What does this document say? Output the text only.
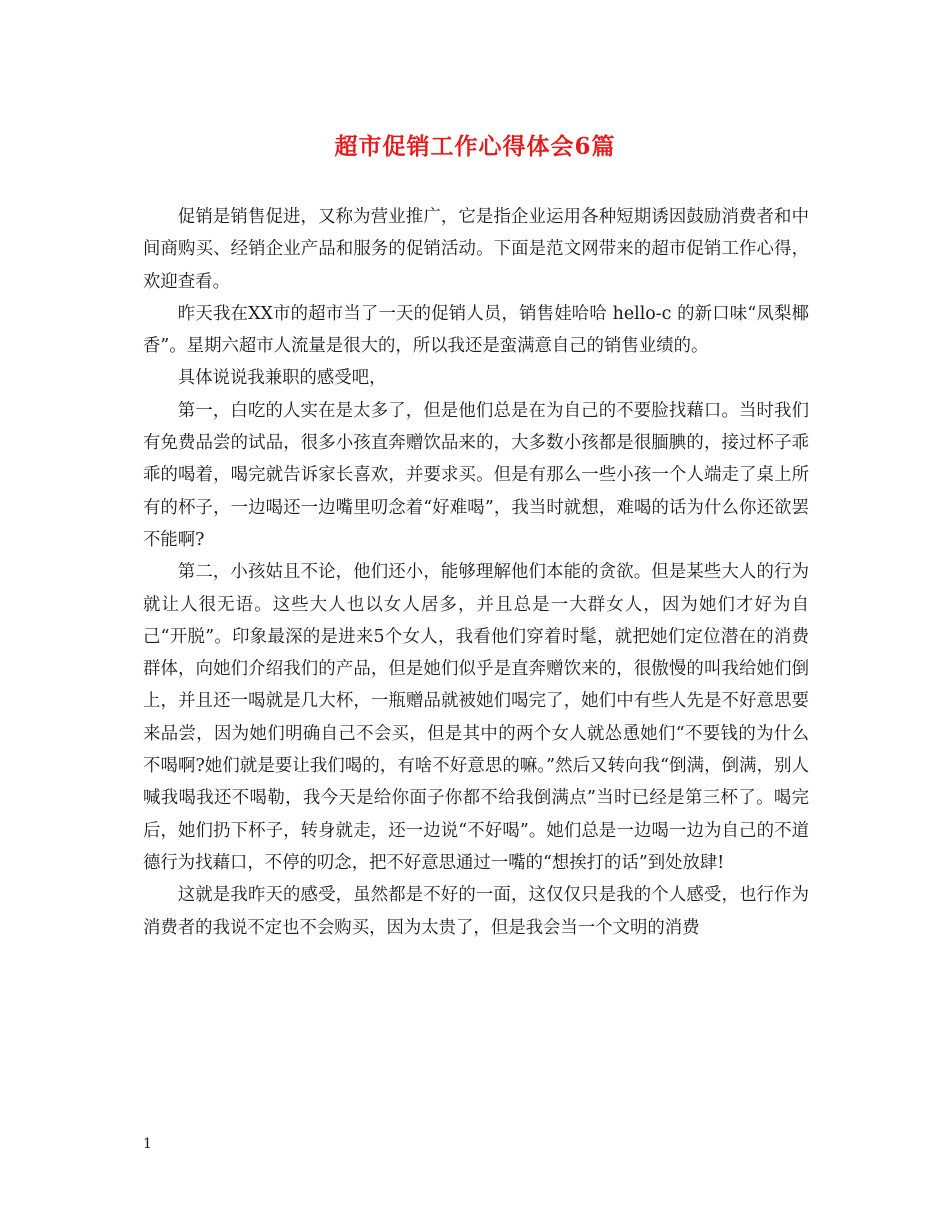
超市促销工作心得体会6篇

促销是销售促进，又称为营业推广，它是指企业运用各种短期诱因鼓励消费者和中间商购买、经销企业产品和服务的促销活动。下面是范文网带来的超市促销工作心得，欢迎查看。

昨天我在XX市的超市当了一天的促销人员，销售娃哈哈 hello-c 的新口味“凤梨椰香”。星期六超市人流量是很大的，所以我还是蛮满意自己的销售业绩的。

具体说说我兼职的感受吧，

第一，白吃的人实在是太多了，但是他们总是在为自己的不要脸找藉口。当时我们有免费品尝的试品，很多小孩直奔赠饮品来的，大多数小孩都是很腼腆的，接过杯子乖乖的喝着，喝完就告诉家长喜欢，并要求买。但是有那么一些小孩一个人端走了桌上所有的杯子，一边喝还一边嘴里叨念着“好难喝”，我当时就想，难喝的话为什么你还欲罢不能啊?

第二，小孩姑且不论，他们还小，能够理解他们本能的贪欲。但是某些大人的行为就让人很无语。这些大人也以女人居多，并且总是一大群女人，因为她们才好为自己“开脱”。印象最深的是进来5个女人，我看他们穿着时髦，就把她们定位潜在的消费群体，向她们介绍我们的产品，但是她们似乎是直奔赠饮来的，很傲慢的叫我给她们倒上，并且还一喝就是几大杯，一瓶赠品就被她们喝完了，她们中有些人先是不好意思要来品尝，因为她们明确自己不会买，但是其中的两个女人就怂恿她们“不要钱的为什么不喝啊?她们就是要让我们喝的，有啥不好意思的嘛。”然后又转向我“倒满，倒满，别人喊我喝我还不喝勒，我今天是给你面子你都不给我倒满点”当时已经是第三杯了。喝完后，她们扔下杯子，转身就走，还一边说“不好喝”。她们总是一边喝一边为自己的不道德行为找藉口，不停的叨念，把不好意思通过一嘴的“想挨打的话”到处放肆!

这就是我昨天的感受，虽然都是不好的一面，这仅仅只是我的个人感受，也行作为消费者的我说不定也不会购买，因为太贵了，但是我会当一个文明的消费

1
